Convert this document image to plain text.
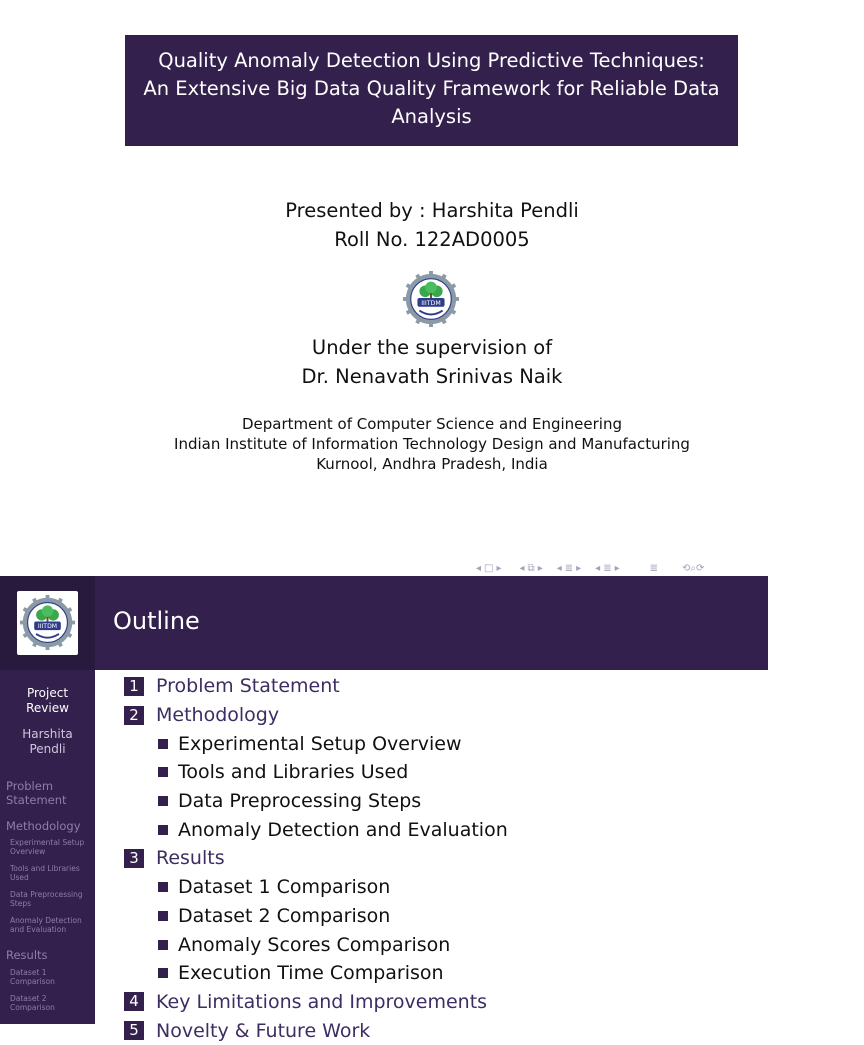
Quality Anomaly Detection Using Predictive Techniques:
An Extensive Big Data Quality Framework for Reliable Data
Analysis
Presented by : Harshita Pendli
Roll No. 122AD0005
IIITDM
Under the supervision of
Dr. Nenavath Srinivas Naik
Department of Computer Science and Engineering
Indian Institute of Information Technology Design and Manufacturing
Kurnool, Andhra Pradesh, India
◂ □ ▸ ◂ ⧉ ▸ ◂ ≣ ▸ ◂ ≣ ▸	≣ ⟲⌕⟳
IIITDM
Project
Review
Harshita
Pendli
Problem
Statement
Methodology
Experimental Setup
Overview
Tools and Libraries
Used
Data Preprocessing
Steps
Anomaly Detection
and Evaluation
Results
Dataset 1
Comparison
Dataset 2
Comparison
Outline
1 Problem Statement
2 Methodology
Experimental Setup Overview
Tools and Libraries Used
Data Preprocessing Steps
Anomaly Detection and Evaluation
3 Results
Dataset 1 Comparison
Dataset 2 Comparison
Anomaly Scores Comparison
Execution Time Comparison
4 Key Limitations and Improvements
5 Novelty & Future Work
